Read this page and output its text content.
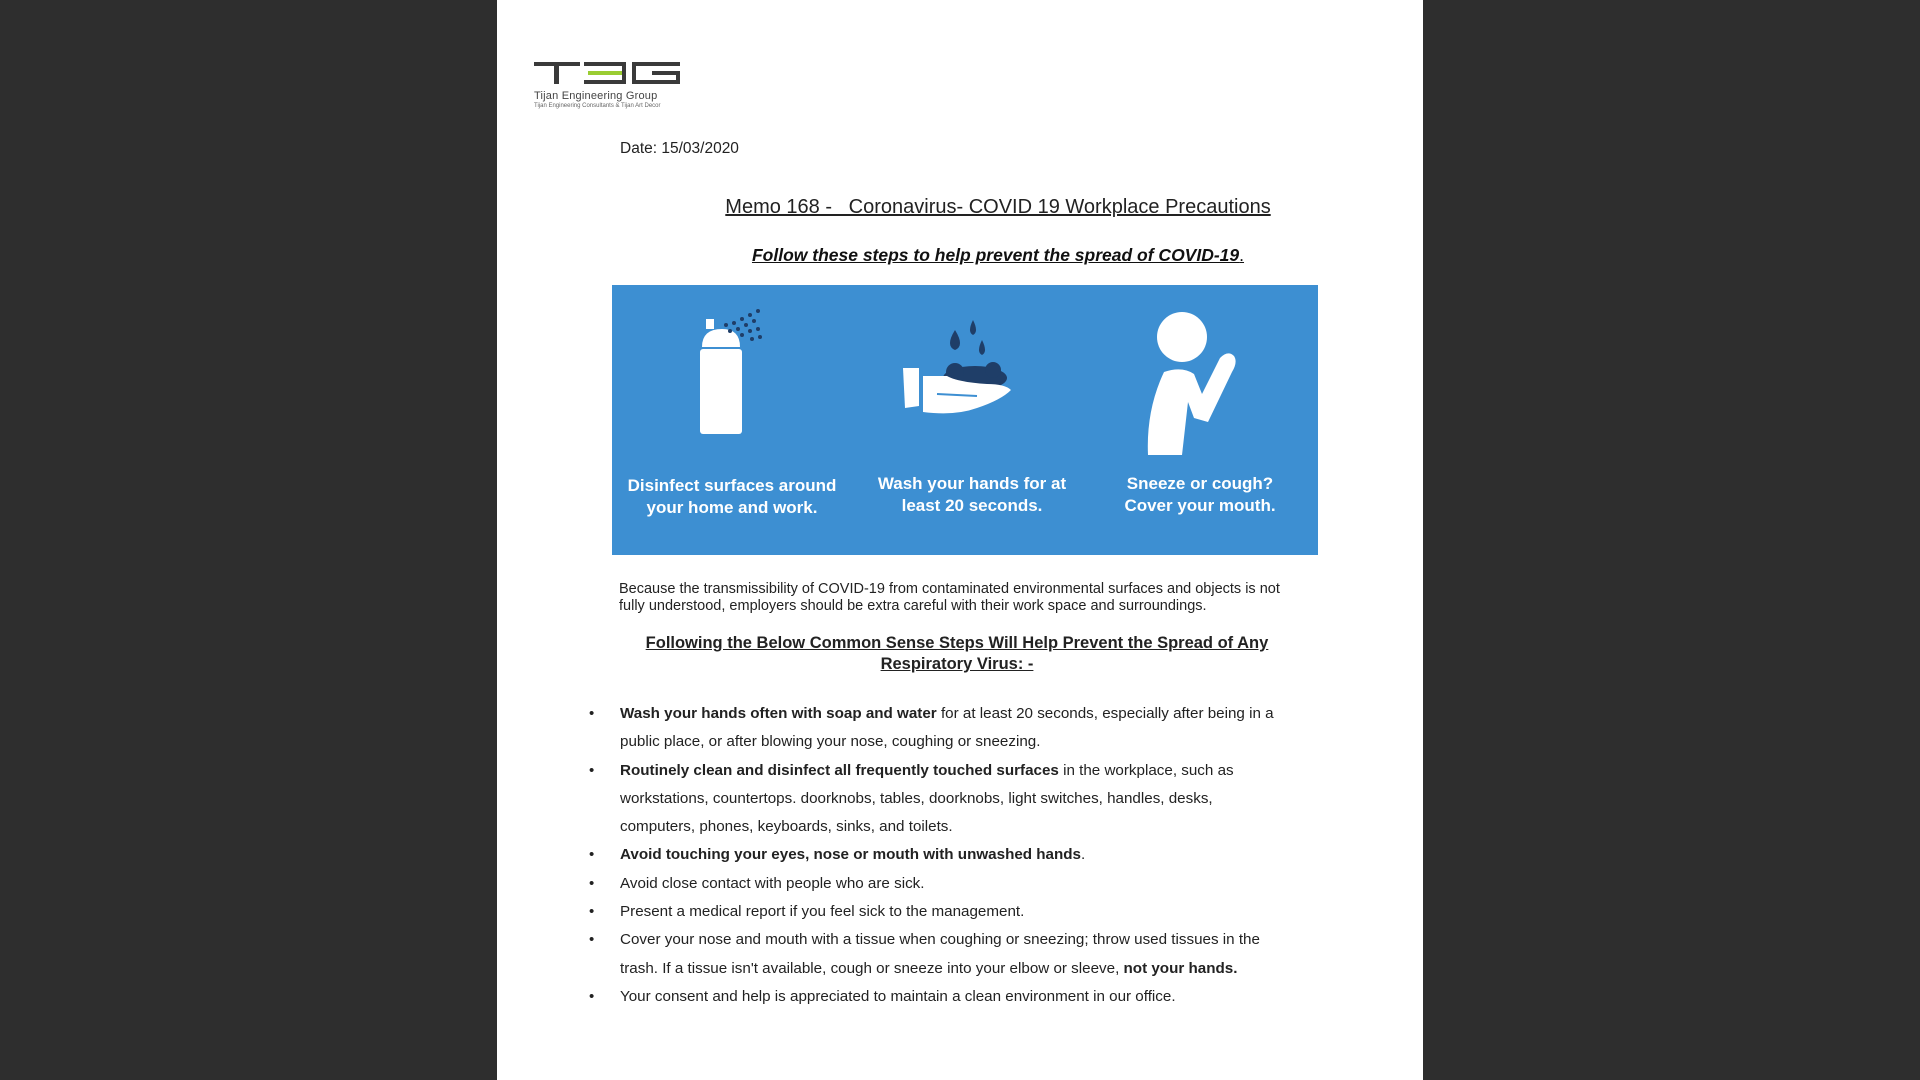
Tijan Engineering Group
Tijan Engineering Consultants & Tijan Art Decor
Date: 15/03/2020
Memo 168 -   Coronavirus- COVID 19 Workplace Precautions
Follow these steps to help prevent the spread of COVID-19.
Disinfect surfaces around
your home and work.
Wash your hands for at
least 20 seconds.
Sneeze or cough?
Cover your mouth.
Because the transmissibility of COVID-19 from contaminated environmental surfaces and objects is not fully understood, employers should be extra careful with their work space and surroundings.
Following the Below Common Sense Steps Will Help Prevent the Spread of Any
Respiratory Virus: -
• Wash your hands often with soap and water for at least 20 seconds, especially after being in a public place, or after blowing your nose, coughing or sneezing.
• Routinely clean and disinfect all frequently touched surfaces in the workplace, such as workstations, countertops. doorknobs, tables, doorknobs, light switches, handles, desks, computers, phones, keyboards, sinks, and toilets.
• Avoid touching your eyes, nose or mouth with unwashed hands.
• Avoid close contact with people who are sick.
• Present a medical report if you feel sick to the management.
• Cover your nose and mouth with a tissue when coughing or sneezing; throw used tissues in the trash. If a tissue isn't available, cough or sneeze into your elbow or sleeve, not your hands.
• Your consent and help is appreciated to maintain a clean environment in our office.
